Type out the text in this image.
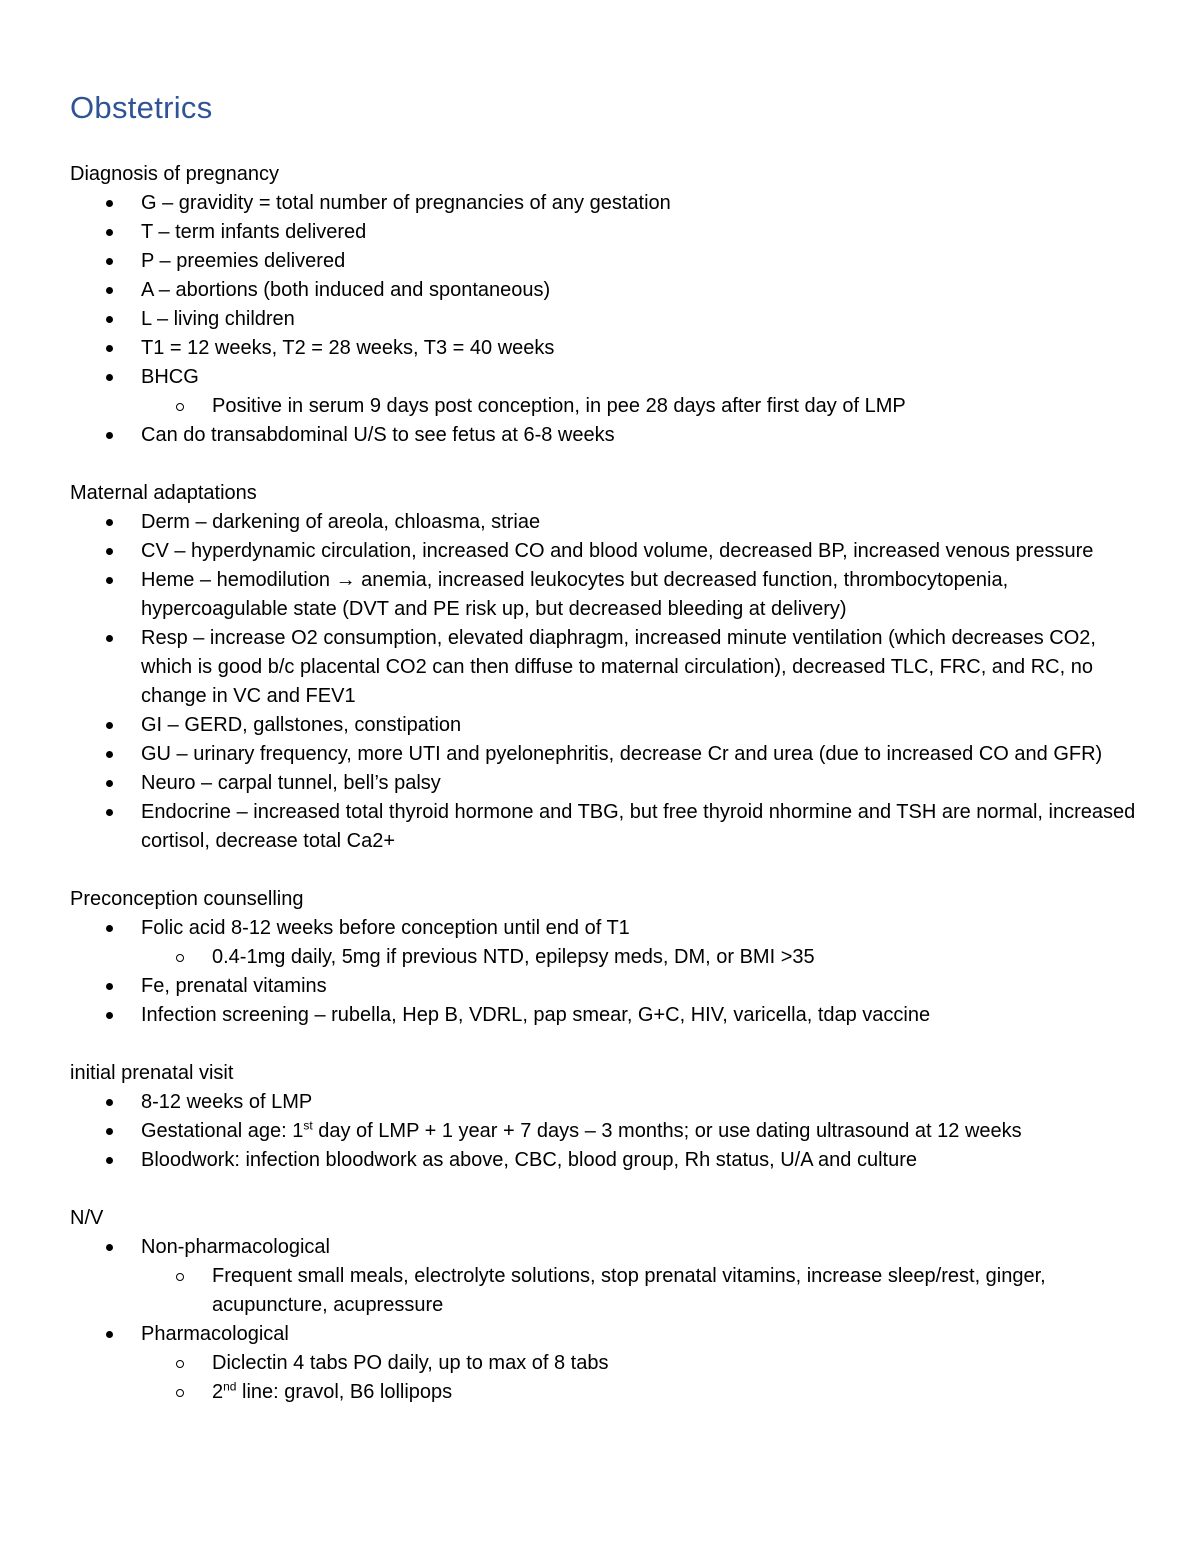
Obstetrics

Diagnosis of pregnancy

G – gravidity = total number of pregnancies of any gestation
T – term infants delivered
P – preemies delivered
A – abortions (both induced and spontaneous)
L – living children
T1 = 12 weeks, T2 = 28 weeks, T3 = 40 weeks
BHCG
Positive in serum 9 days post conception, in pee 28 days after first day of LMP
Can do transabdominal U/S to see fetus at 6-8 weeks

Maternal adaptations

Derm – darkening of areola, chloasma, striae
CV – hyperdynamic circulation, increased CO and blood volume, decreased BP, increased venous pressure
Heme – hemodilution → anemia, increased leukocytes but decreased function, thrombocytopenia, hypercoagulable state (DVT and PE risk up, but decreased bleeding at delivery)
Resp – increase O2 consumption, elevated diaphragm, increased minute ventilation (which decreases CO2, which is good b/c placental CO2 can then diffuse to maternal circulation), decreased TLC, FRC, and RC, no change in VC and FEV1
GI – GERD, gallstones, constipation
GU – urinary frequency, more UTI and pyelonephritis, decrease Cr and urea (due to increased CO and GFR)
Neuro – carpal tunnel, bell’s palsy
Endocrine – increased total thyroid hormone and TBG, but free thyroid nhormine and TSH are normal, increased cortisol, decrease total Ca2+

Preconception counselling

Folic acid 8-12 weeks before conception until end of T1
0.4-1mg daily, 5mg if previous NTD, epilepsy meds, DM, or BMI >35
Fe, prenatal vitamins
Infection screening – rubella, Hep B, VDRL, pap smear, G+C, HIV, varicella, tdap vaccine

initial prenatal visit

8-12 weeks of LMP
Gestational age: 1st day of LMP + 1 year + 7 days – 3 months; or use dating ultrasound at 12 weeks
Bloodwork: infection bloodwork as above, CBC, blood group, Rh status, U/A and culture

N/V

Non-pharmacological
Frequent small meals, electrolyte solutions, stop prenatal vitamins, increase sleep/rest, ginger, acupuncture, acupressure
Pharmacological
Diclectin 4 tabs PO daily, up to max of 8 tabs
2nd line: gravol, B6 lollipops
